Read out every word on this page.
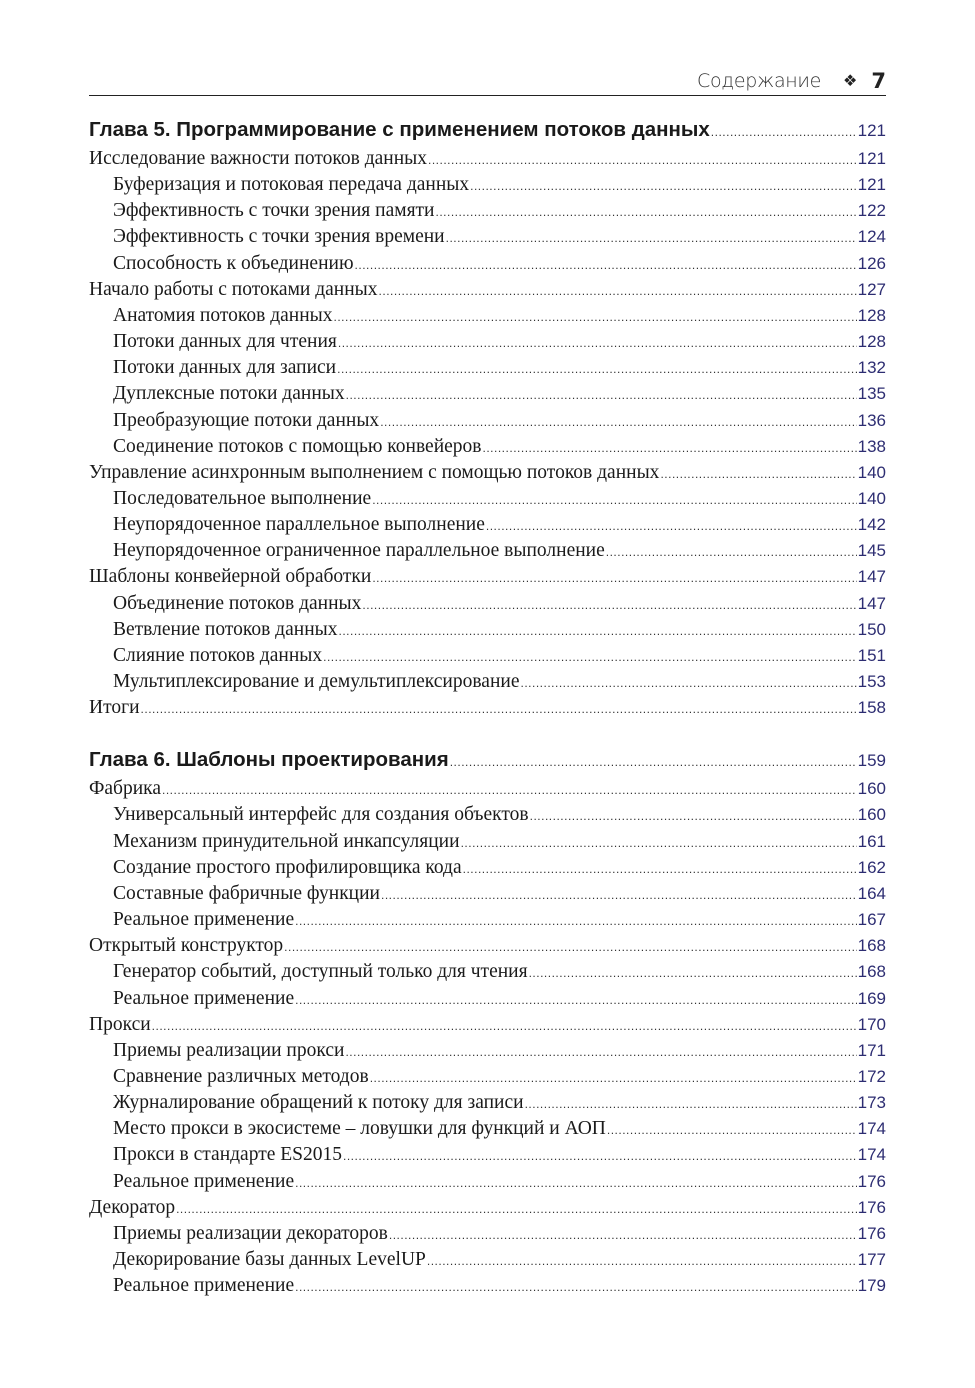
Содержание ❖ 7
Глава 5. Программирование с применением потоков данных .....	121
Исследование важности потоков данных .....	121
Буферизация и потоковая передача данных .....	121
Эффективность с точки зрения памяти .....	122
Эффективность с точки зрения времени .....	124
Способность к объединению .....	126
Начало работы с потоками данных .....	127
Анатомия потоков данных .....	128
Потоки данных для чтения .....	128
Потоки данных для записи .....	132
Дуплексные потоки данных .....	135
Преобразующие потоки данных .....	136
Соединение потоков с помощью конвейеров .....	138
Управление асинхронным выполнением с помощью потоков данных .....	140
Последовательное выполнение .....	140
Неупорядоченное параллельное выполнение .....	142
Неупорядоченное ограниченное параллельное выполнение .....	145
Шаблоны конвейерной обработки .....	147
Объединение потоков данных .....	147
Ветвление потоков данных .....	150
Слияние потоков данных .....	151
Мультиплексирование и демультиплексирование .....	153
Итоги .....	158
Глава 6. Шаблоны проектирования .....	159
Фабрика .....	160
Универсальный интерфейс для создания объектов .....	160
Механизм принудительной инкапсуляции .....	161
Создание простого профилировщика кода .....	162
Составные фабричные функции .....	164
Реальное применение .....	167
Открытый конструктор .....	168
Генератор событий, доступный только для чтения .....	168
Реальное применение .....	169
Прокси .....	170
Приемы реализации прокси .....	171
Сравнение различных методов .....	172
Журналирование обращений к потоку для записи .....	173
Место прокси в экосистеме – ловушки для функций и АОП .....	174
Прокси в стандарте ES2015 .....	174
Реальное применение .....	176
Декоратор .....	176
Приемы реализации декораторов .....	176
Декорирование базы данных LevelUP .....	177
Реальное применение .....	179
